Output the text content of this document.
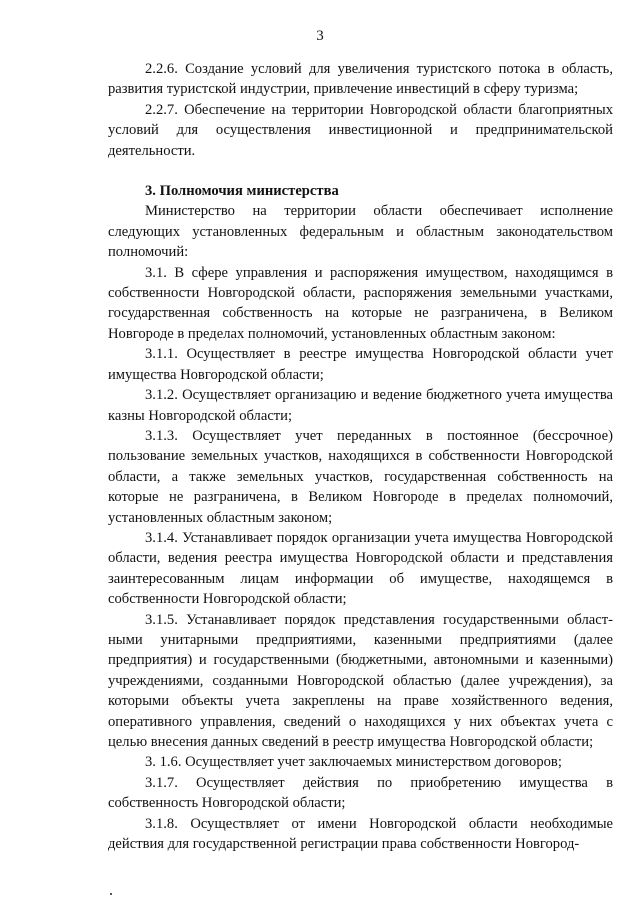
3

2.2.6. Создание условий для увеличения туристского потока в область, развития туристской индустрии, привлечение инвестиций в сферу туризма;

2.2.7. Обеспечение на территории Новгородской области благоприятных условий для осуществления инвестиционной и предпринимательской деятельности.

3. Полномочия министерства

Министерство на территории области обеспечивает исполнение следующих установленных федеральным и областным законодательством полномочий:

3.1. В сфере управления и распоряжения имуществом, находящимся в собственности Новгородской области, распоряжения земельными участками, государственная собственность на которые не разграничена, в Великом Новгороде в пределах полномочий, установленных областным законом:

3.1.1. Осуществляет в реестре имущества Новгородской области учет имущества Новгородской области;

3.1.2. Осуществляет организацию и ведение бюджетного учета имущества казны Новгородской области;

3.1.3. Осуществляет учет переданных в постоянное (бессрочное) пользование земельных участков, находящихся в собственности Новгородской области, а также земельных участков, государственная собственность на которые не разграничена, в Великом Новгороде в пределах полномочий, установленных областным законом;

3.1.4. Устанавливает порядок организации учета имущества Новгородской области, ведения реестра имущества Новгородской области и представления заинтересованным лицам информации об имуществе, находящемся в собственности Новгородской области;

3.1.5. Устанавливает порядок представления государственными областными унитарными предприятиями, казенными предприятиями (далее предприятия) и государственными (бюджетными, автономными и казенными) учреждениями, созданными Новгородской областью (далее учреждения), за которыми объекты учета закреплены на праве хозяйственного ведения, оперативного управления, сведений о находящихся у них объектах учета с целью внесения данных сведений в реестр имущества Новгородской области;

3. 1.6. Осуществляет учет заключаемых министерством договоров;

3.1.7. Осуществляет действия по приобретению имущества в собственность Новгородской области;

3.1.8. Осуществляет от имени Новгородской области необходимые действия для государственной регистрации права собственности Новгород-
